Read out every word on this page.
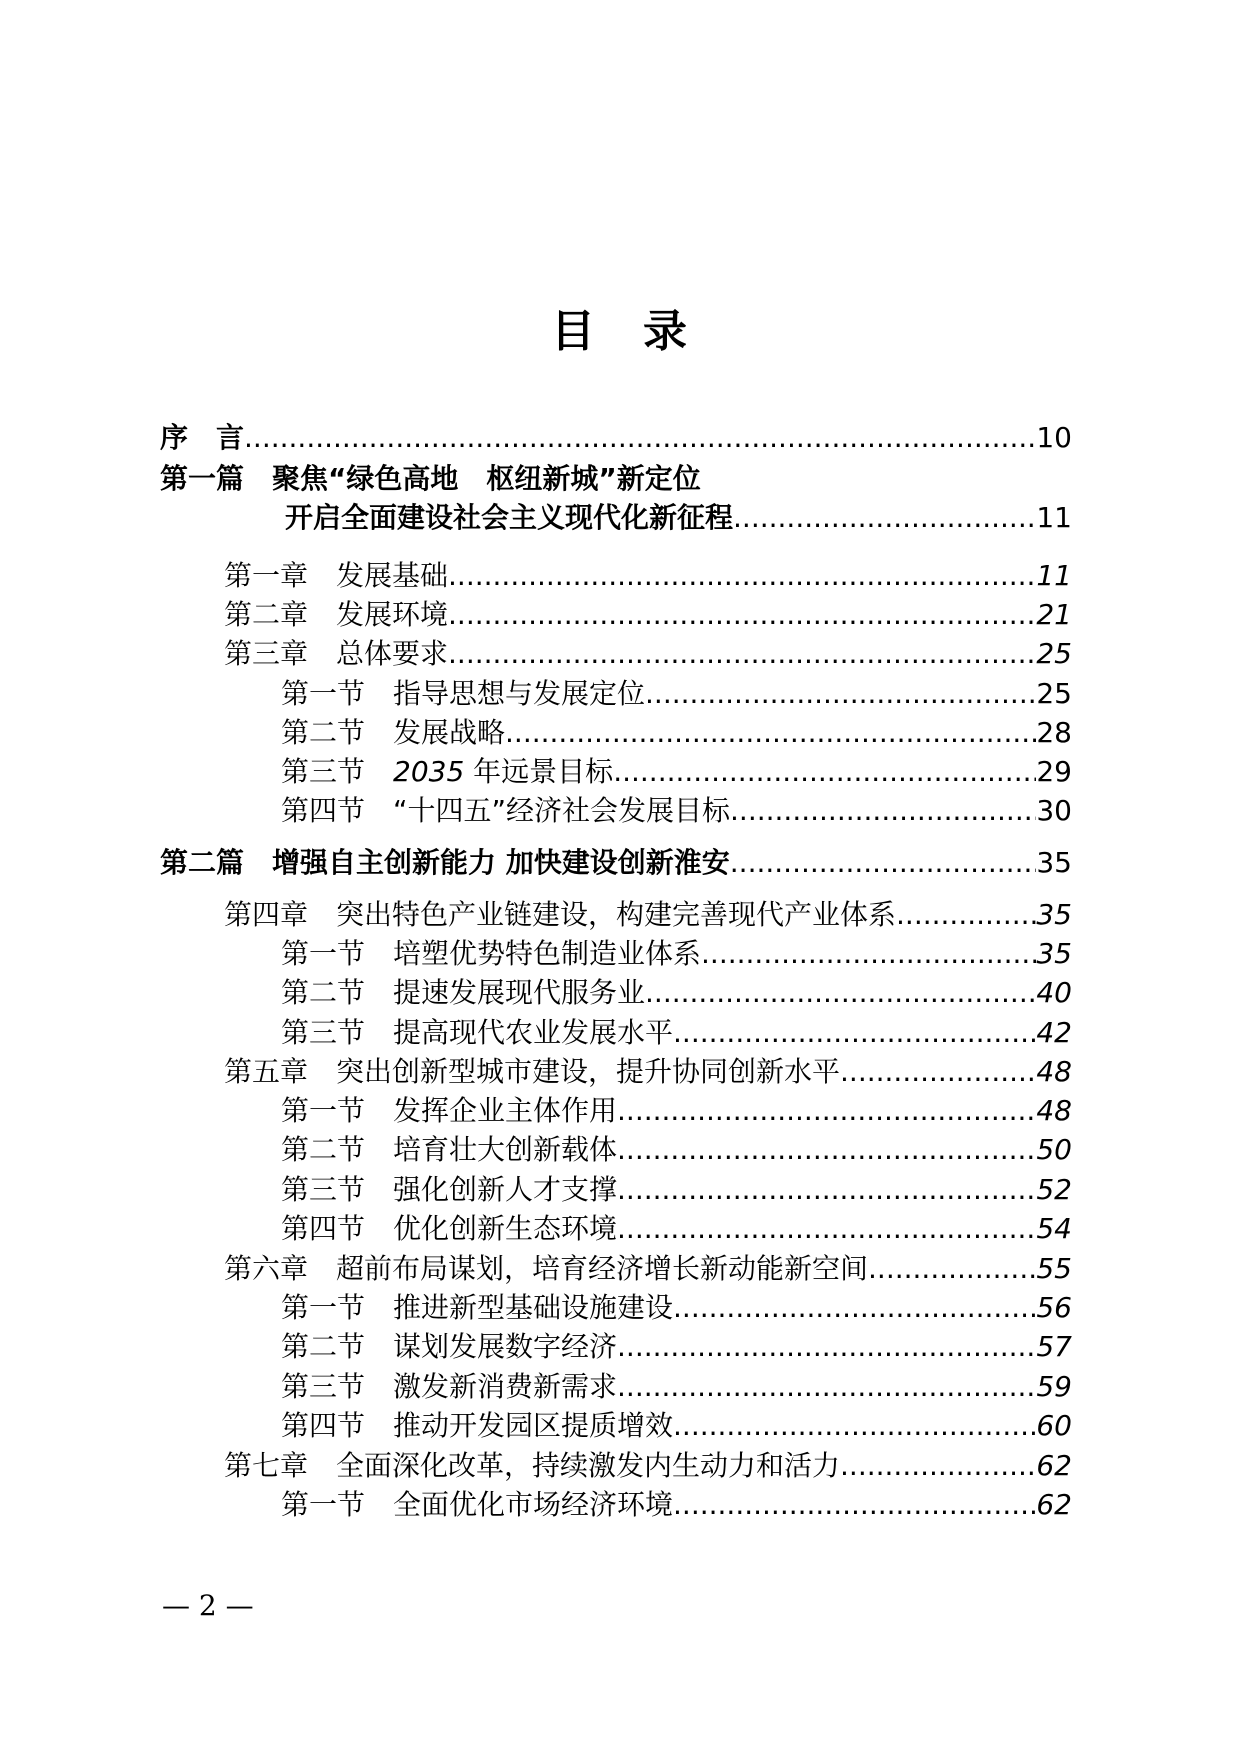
目　录
序　言 .....	10
第一篇　聚焦“绿色高地　枢纽新城”新定位
开启全面建设社会主义现代化新征程 .....	11
第一章　发展基础 .....	11
第二章　发展环境 .....	21
第三章　总体要求 .....	25
第一节　指导思想与发展定位 .....	25
第二节　发展战略 .....	28
第三节　2035 年远景目标 .....	29
第四节　“十四五”经济社会发展目标 .....	30
第二篇　增强自主创新能力 加快建设创新淮安 .....	35
第四章　突出特色产业链建设，构建完善现代产业体系 .....	35
第一节　培塑优势特色制造业体系 .....	35
第二节　提速发展现代服务业 .....	40
第三节　提高现代农业发展水平 .....	42
第五章　突出创新型城市建设，提升协同创新水平 .....	48
第一节　发挥企业主体作用 .....	48
第二节　培育壮大创新载体 .....	50
第三节　强化创新人才支撑 .....	52
第四节　优化创新生态环境 .....	54
第六章　超前布局谋划，培育经济增长新动能新空间 .....	55
第一节　推进新型基础设施建设 .....	56
第二节　谋划发展数字经济 .....	57
第三节　激发新消费新需求 .....	59
第四节　推动开发园区提质增效 .....	60
第七章　全面深化改革，持续激发内生动力和活力 .....	62
第一节　全面优化市场经济环境 .....	62
— 2 —
